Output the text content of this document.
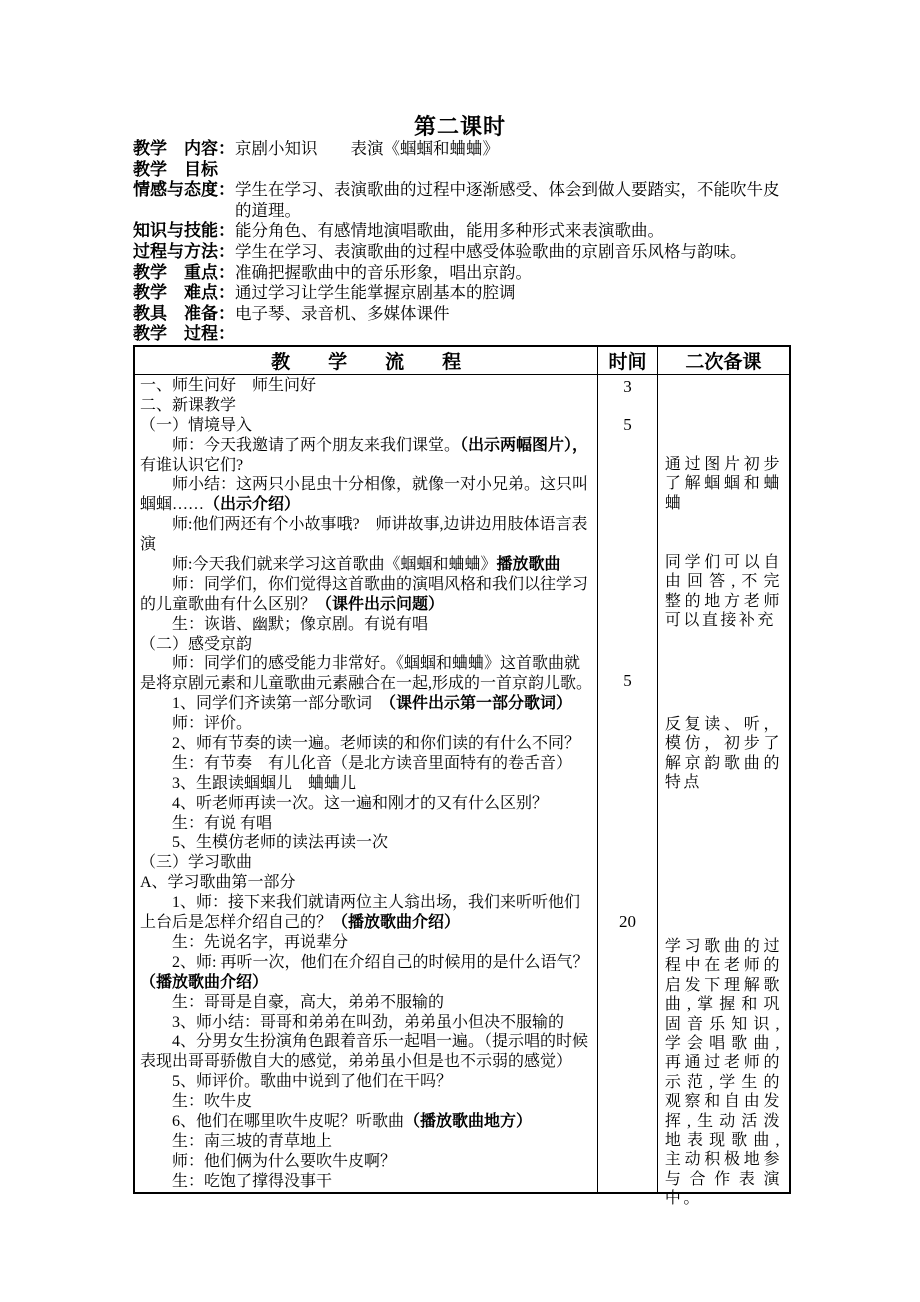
第二课时
教学　内容： 京剧小知识　　表演《蝈蝈和蛐蛐》
教学　目标
情感与态度： 学生在学习、表演歌曲的过程中逐渐感受、体会到做人要踏实，不能吹牛皮
的道理。
知识与技能： 能分角色、有感情地演唱歌曲，能用多种形式来表演歌曲。
过程与方法： 学生在学习、表演歌曲的过程中感受体验歌曲的京剧音乐风格与韵味。
教学　重点： 准确把握歌曲中的音乐形象，唱出京韵。
教学　难点： 通过学习让学生能掌握京剧基本的腔调
教具　准备： 电子琴、录音机、多媒体课件
教学　过程：
教　　学　　流　　程	时间	二次备课
一、师生问好　师生问好
二、新课教学
（一）情境导入
　　师：今天我邀请了两个朋友来我们课堂。（出示两幅图片），
有谁认识它们?
　　师小结：这两只小昆虫十分相像，就像一对小兄弟。这只叫
蝈蝈……（出示介绍）
　　师:他们两还有个小故事哦?　师讲故事,边讲边用肢体语言表
演
　　师:今天我们就来学习这首歌曲《蝈蝈和蛐蛐》播放歌曲
　　师：同学们，你们觉得这首歌曲的演唱风格和我们以往学习
的儿童歌曲有什么区别？（课件出示问题）
　　生：诙谐、幽默；像京剧。有说有唱
（二）感受京韵
　　师：同学们的感受能力非常好。《蝈蝈和蛐蛐》这首歌曲就
是将京剧元素和儿童歌曲元素融合在一起,形成的一首京韵儿歌。
　　1、同学们齐读第一部分歌词　（课件出示第一部分歌词）
　　师：评价。
　　2、师有节奏的读一遍。老师读的和你们读的有什么不同？
　　生：有节奏　有儿化音（是北方读音里面特有的卷舌音）
　　3、生跟读蝈蝈儿　蛐蛐儿
　　4、听老师再读一次。这一遍和刚才的又有什么区别？
　　生：有说 有唱
　　5、生模仿老师的读法再读一次
（三）学习歌曲
A、学习歌曲第一部分
　　1、师：接下来我们就请两位主人翁出场，我们来听听他们
上台后是怎样介绍自己的？（播放歌曲介绍）
　　生：先说名字，再说辈分
　　2、师: 再听一次，他们在介绍自己的时候用的是什么语气？
（播放歌曲介绍）
　　生：哥哥是自豪，高大，弟弟不服输的
　　3、师小结：哥哥和弟弟在叫劲，弟弟虽小但决不服输的
　　4、分男女生扮演角色跟着音乐一起唱一遍。（提示唱的时候
表现出哥哥骄傲自大的感觉，弟弟虽小但是也不示弱的感觉）
　　5、师评价。歌曲中说到了他们在干吗？
　　生：吹牛皮
　　6、他们在哪里吹牛皮呢？听歌曲（播放歌曲地方）
　　生：南三坡的青草地上
　　师：他们俩为什么要吹牛皮啊？
　　生：吃饱了撑得没事干
3
5
5
20
通过图片初步了解蝈蝈和蛐蛐
同学们可以自由回答,不完整的地方老师可以直接补充
反复读、听，模仿，初步了解京韵歌曲的特点
学习歌曲的过程中在老师的启发下理解歌曲,掌握和巩固音乐知识,学会唱歌曲,再通过老师的示范,学生的观察和自由发挥,生动活泼地表现歌曲,主动积极地参与合作表演中。
